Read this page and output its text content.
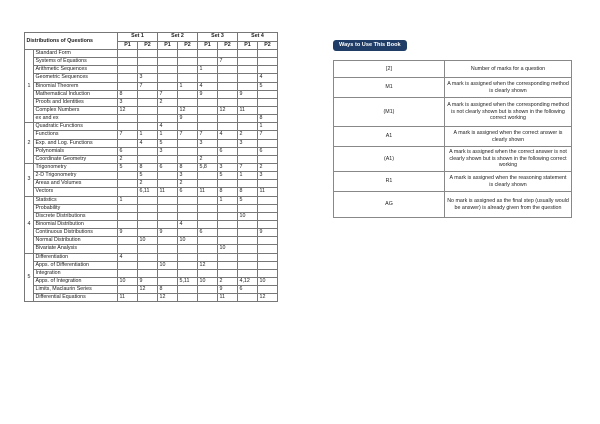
Distributions of Questions		Set 1		Set 2		Set 3		Set 4	
		P1	P2	P1	P2	P1	P2	P1	P2
1	Standard Form								
	Systems of Equations						7		
	Arithmetic Sequences					1			
	Geometric Sequences		3						4
	Binomial Theorem		7		1	4			5
	Mathematical Induction	8		7		9		9	
	Proofs and Identities	3		2					
	Complex Numbers	12			12		12	11	
	ex and ex				9				8
2	Quadratic Functions			4					1
	Functions	7	1	1	7	7	4	2	7
	Exp. and Log. Functions		4	5		3		3	
	Polynomials	6		3			6		6
	Coordinate Geometry	2				2			
3	Trigonometry	5	8	6	8	5,8	3	7	2
	2-D Trigonometry		5		3		5	1	3
	Areas and Volumes		2		2				
	Vectors		6,11	11	6	11	8	8	11
4	Statistics	1					1	5	
	Probability								
	Discrete Distributions							10	
	Binomial Distribution				4				
	Continuous Distributions	9		9		6			9
	Normal Distribution		10		10				
	Bivariate Analysis						10		
5	Differentiation	4							
	Apps. of Differentiation			10		12			
	Integration								
	Apps. of Integration	10	9		5,11	10	2	4,12	10
	Limits, Maclaurin Series		12	8			9	6	
	Differential Equations	11		12			11		12
Ways to Use This Book
[2]	Number of marks for a question
M1	A mark is assigned when the corresponding method is clearly shown
(M1)	A mark is assigned when the corresponding method is not clearly shown but is shown in the following correct working
A1	A mark is assigned when the correct answer is clearly shown
(A1)	A mark is assigned when the correct answer is not clearly shown but is shown in the following correct working
R1	A mark is assigned when the reasoning statement is clearly shown
AG	No mark is assigned as the final step (usually would be answer) is already given from the question
